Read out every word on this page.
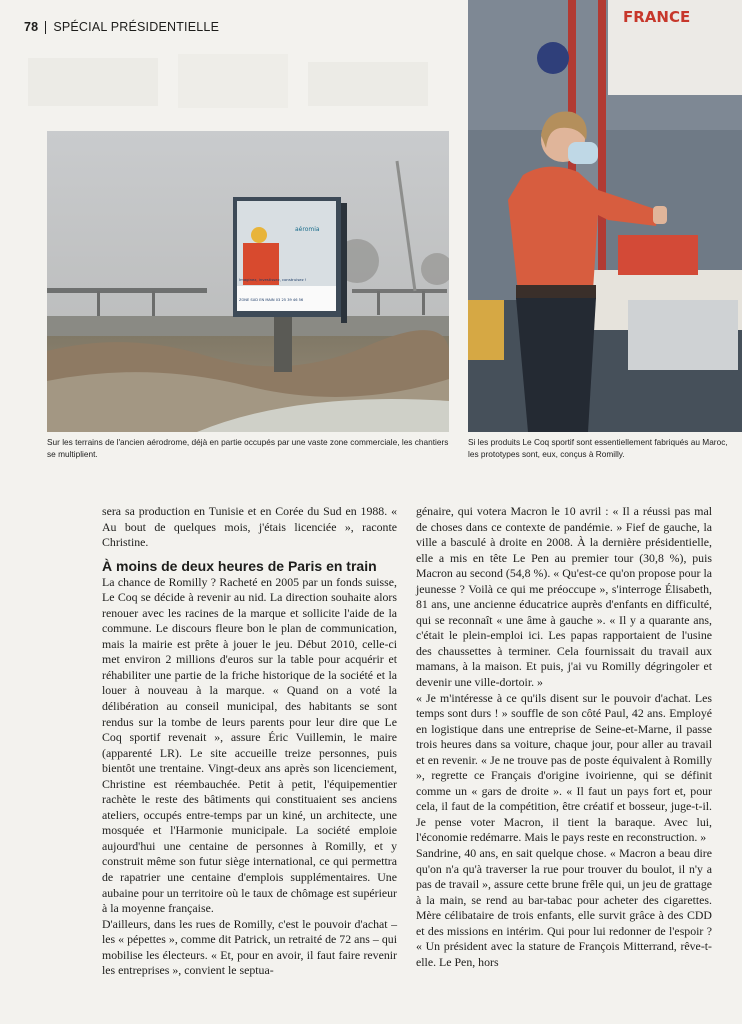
78 SPÉCIAL PRÉSIDENTIELLE
aéromia
Imaginez, investissez, construisez !
ZONE SUD EN MAIN 03 25 39 46 56
FRANCE
Sur les terrains de l'ancien aérodrome, déjà en partie occupés par une vaste zone commerciale, les chantiers se multiplient.
Si les produits Le Coq sportif sont essentiellement fabriqués au Maroc, les prototypes sont, eux, conçus à Romilly.

sera sa production en Tunisie et en Corée du Sud en 1988. « Au bout de quelques mois, j'étais licenciée », raconte Christine.

À moins de deux heures de Paris en train

La chance de Romilly ? Racheté en 2005 par un fonds suisse, Le Coq se décide à revenir au nid. La direction souhaite alors renouer avec les racines de la marque et sollicite l'aide de la commune. Le discours fleure bon le plan de communication, mais la mairie est prête à jouer le jeu. Début 2010, celle-ci met environ 2 millions d'euros sur la table pour acquérir et réhabiliter une partie de la friche historique de la société et la louer à nouveau à la marque. « Quand on a voté la délibération au conseil municipal, des habitants se sont rendus sur la tombe de leurs parents pour leur dire que Le Coq sportif revenait », assure Éric Vuillemin, le maire (apparenté LR). Le site accueille treize personnes, puis bientôt une trentaine. Vingt-deux ans après son licenciement, Christine est réembauchée. Petit à petit, l'équipementier rachète le reste des bâtiments qui constituaient ses anciens ateliers, occupés entre-temps par un kiné, un architecte, une mosquée et l'Harmonie municipale. La société emploie aujourd'hui une centaine de personnes à Romilly, et y construit même son futur siège international, ce qui permettra de rapatrier une centaine d'emplois supplémentaires. Une aubaine pour un territoire où le taux de chômage est supérieur à la moyenne française.

D'ailleurs, dans les rues de Romilly, c'est le pouvoir d'achat – les « pépettes », comme dit Patrick, un retraité de 72 ans – qui mobilise les électeurs. « Et, pour en avoir, il faut faire revenir les entreprises », convient le septua-

génaire, qui votera Macron le 10 avril : « Il a réussi pas mal de choses dans ce contexte de pandémie. » Fief de gauche, la ville a basculé à droite en 2008. À la dernière présidentielle, elle a mis en tête Le Pen au premier tour (30,8 %), puis Macron au second (54,8 %). « Qu'est-ce qu'on propose pour la jeunesse ? Voilà ce qui me préoccupe », s'interroge Élisabeth, 81 ans, une ancienne éducatrice auprès d'enfants en difficulté, qui se reconnaît « une âme à gauche ». « Il y a quarante ans, c'était le plein-emploi ici. Les papas rapportaient de l'usine des chaussettes à terminer. Cela fournissait du travail aux mamans, à la maison. Et puis, j'ai vu Romilly dégringoler et devenir une ville-dortoir. »

« Je m'intéresse à ce qu'ils disent sur le pouvoir d'achat. Les temps sont durs ! » souffle de son côté Paul, 42 ans. Employé en logistique dans une entreprise de Seine-et-Marne, il passe trois heures dans sa voiture, chaque jour, pour aller au travail et en revenir. « Je ne trouve pas de poste équivalent à Romilly », regrette ce Français d'origine ivoirienne, qui se définit comme un « gars de droite ». « Il faut un pays fort et, pour cela, il faut de la compétition, être créatif et bosseur, juge-t-il. Je pense voter Macron, il tient la baraque. Avec lui, l'économie redémarre. Mais le pays reste en reconstruction. »

Sandrine, 40 ans, en sait quelque chose. « Macron a beau dire qu'on n'a qu'à traverser la rue pour trouver du boulot, il n'y a pas de travail », assure cette brune frêle qui, un jeu de grattage à la main, se rend au bar-tabac pour acheter des cigarettes. Mère célibataire de trois enfants, elle survit grâce à des CDD et des missions en intérim. Qui pour lui redonner de l'espoir ? « Un président avec la stature de François Mitterrand, rêve-t-elle. Le Pen, hors
